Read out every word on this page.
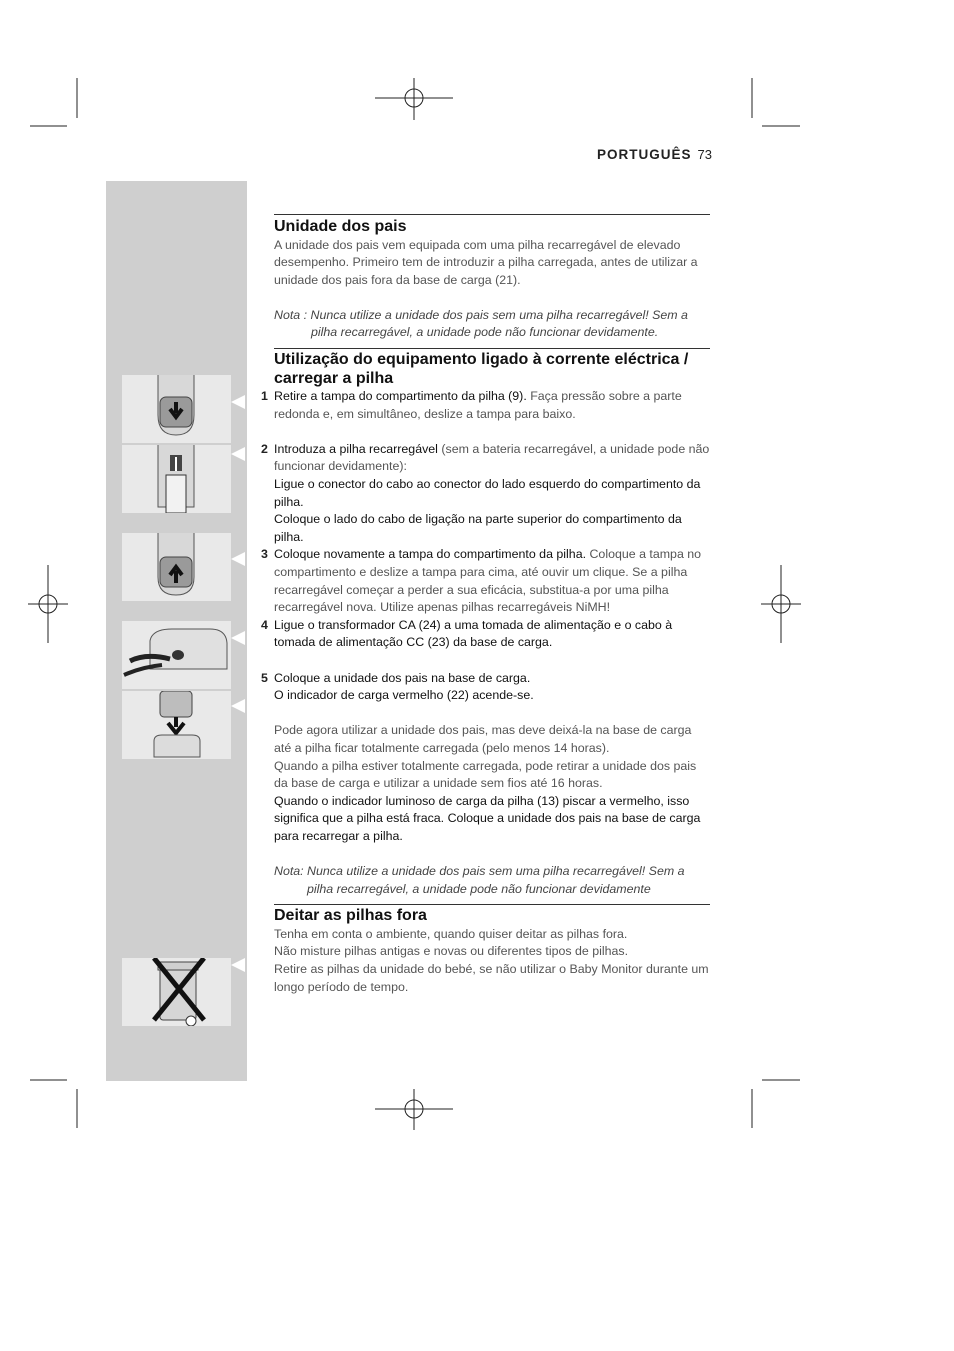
PORTUGUÊS 73
Unidade dos pais

A unidade dos pais vem equipada com uma pilha recarregável de elevado desempenho. Primeiro tem de introduzir a pilha carregada, antes de utilizar a unidade dos pais fora da base de carga (21).

Nota : Nunca utilize a unidade dos pais sem uma pilha recarregável! Sem a

pilha recarregável, a unidade pode não funcionar devidamente.

Utilização do equipamento ligado à corrente eléctrica / carregar a pilha
1 Retire a tampa do compartimento da pilha (9). Faça pressão sobre a parte redonda e, em simultâneo, deslize a tampa para baixo.

2 Introduza a pilha recarregável (sem a bateria recarregável, a unidade pode não funcionar devidamente):

Ligue o conector do cabo ao conector do lado esquerdo do compartimento da pilha.

Coloque o lado do cabo de ligação na parte superior do compartimento da pilha.

3 Coloque novamente a tampa do compartimento da pilha. Coloque a tampa no compartimento e deslize a tampa para cima, até ouvir um clique. Se a pilha recarregável começar a perder a sua eficácia, substitua-a por uma pilha recarregável nova. Utilize apenas pilhas recarregáveis NiMH!

4 Ligue o transformador CA (24) a uma tomada de alimentação e o cabo à tomada de alimentação CC (23) da base de carga.

5 Coloque a unidade dos pais na base de carga.

O indicador de carga vermelho (22) acende-se.

Pode agora utilizar a unidade dos pais, mas deve deixá-la na base de carga até a pilha ficar totalmente carregada (pelo menos 14 horas).

Quando a pilha estiver totalmente carregada, pode retirar a unidade dos pais da base de carga e utilizar a unidade sem fios até 16 horas.

Quando o indicador luminoso de carga da pilha (13) piscar a vermelho, isso significa que a pilha está fraca. Coloque a unidade dos pais na base de carga para recarregar a pilha.

Nota: Nunca utilize a unidade dos pais sem uma pilha recarregável! Sem a

pilha recarregável, a unidade pode não funcionar devidamente

Deitar as pilhas fora

Tenha em conta o ambiente, quando quiser deitar as pilhas fora.

Não misture pilhas antigas e novas ou diferentes tipos de pilhas.

Retire as pilhas da unidade do bebé, se não utilizar o Baby Monitor durante um longo período de tempo.
